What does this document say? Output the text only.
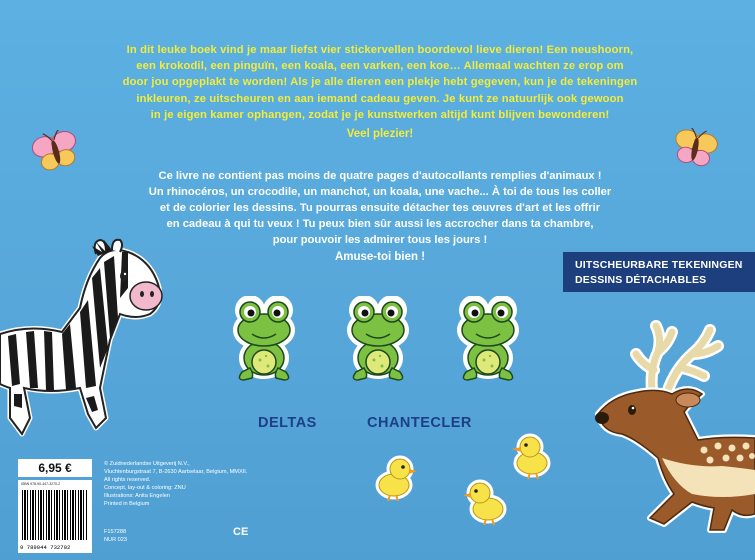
In dit leuke boek vind je maar liefst vier stickervellen boordevol lieve dieren! Een neushoorn,
een krokodil, een pinguïn, een koala, een varken, een koe… Allemaal wachten ze erop om
door jou opgeplakt te worden! Als je alle dieren een plekje hebt gegeven, kun je de tekeningen
inkleuren, ze uitscheuren en aan iemand cadeau geven. Je kunt ze natuurlijk ook gewoon
in je eigen kamer ophangen, zodat je je kunstwerken altijd kunt blijven bewonderen!
Veel plezier!
Ce livre ne contient pas moins de quatre pages d'autocollants remplies d'animaux !
Un rhinocéros, un crocodile, un manchot, un koala, une vache... À toi de tous les coller
et de colorier les dessins. Tu pourras ensuite détacher tes œuvres d'art et les offrir
en cadeau à qui tu veux ! Tu peux bien sûr aussi les accrocher dans ta chambre,
pour pouvoir les admirer tous les jours !
Amuse-toi bien !
UITSCHEURBARE TEKENINGEN
DESSINS DÉTACHABLES
DELTAS	CHANTECLER
6,95 €
ISBN 978-90-447-3270-2
9 789044 732702
© Zuidnederlandse Uitgeverij N.V.,
Vluchtenburgstraat 7, B-2630 Aartselaar, Belgium, MMXII.
All rights reserved.
Concept, lay-out & coloring: ZNU
Illustrations: Anita Engelen
Printed in Belgium
F157288
NUR 023
CE
